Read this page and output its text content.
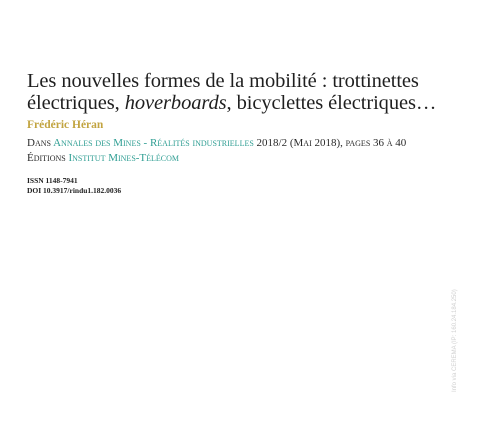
Les nouvelles formes de la mobilité : trottinettes électriques, hoverboards, bicyclettes électriques…
Frédéric Héran
Dans Annales des Mines - Réalités industrielles 2018/2 (Mai 2018), pages 36 à 40
Éditions Institut Mines-Télécom
ISSN 1148-7941
DOI 10.3917/rindu1.182.0036
Info via CEREMA (IP: 160.24.184.250)
